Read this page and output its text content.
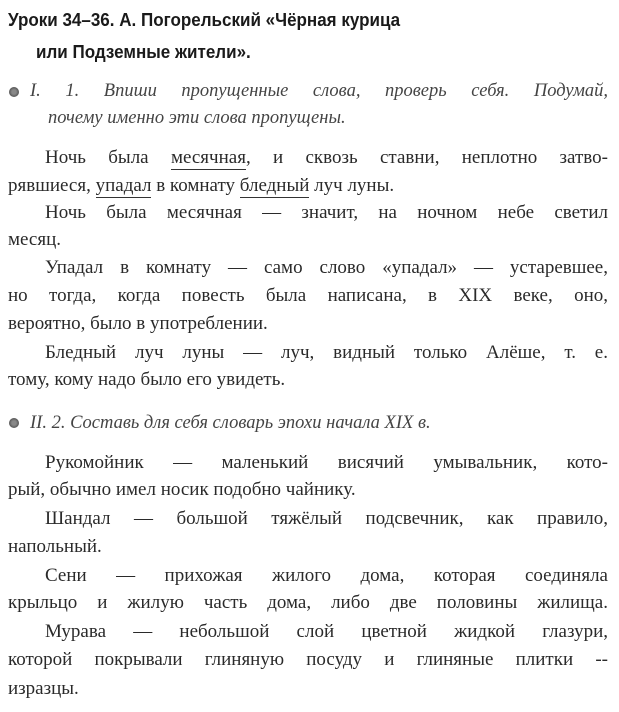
Уроки 34–36. А. Погорельский «Чёрная курица
или Подземные жители».
I. 1. Впиши пропущенные слова, проверь себя. Подумай,
почему именно эти слова пропущены.
Ночь была месячная, и сквозь ставни, неплотно затво-
рявшиеся, упадал в комнату бледный луч луны.
Ночь была месячная — значит, на ночном небе светил
месяц.
Упадал в комнату — само слово «упадал» — устаревшее,
но тогда, когда повесть была написана, в XIX веке, оно,
вероятно, было в употреблении.
Бледный луч луны — луч, видный только Алёше, т. е.
тому, кому надо было его увидеть.
II. 2. Составь для себя словарь эпохи начала XIX в.
Рукомойник — маленький висячий умывальник, кото-
рый, обычно имел носик подобно чайнику.
Шандал — большой тяжёлый подсвечник, как правило,
напольный.
Сени — прихожая жилого дома, которая соединяла
крыльцо и жилую часть дома, либо две половины жилища.
Мурава — небольшой слой цветной жидкой глазури,
которой покрывали глиняную посуду и глиняные плитки --
изразцы.
